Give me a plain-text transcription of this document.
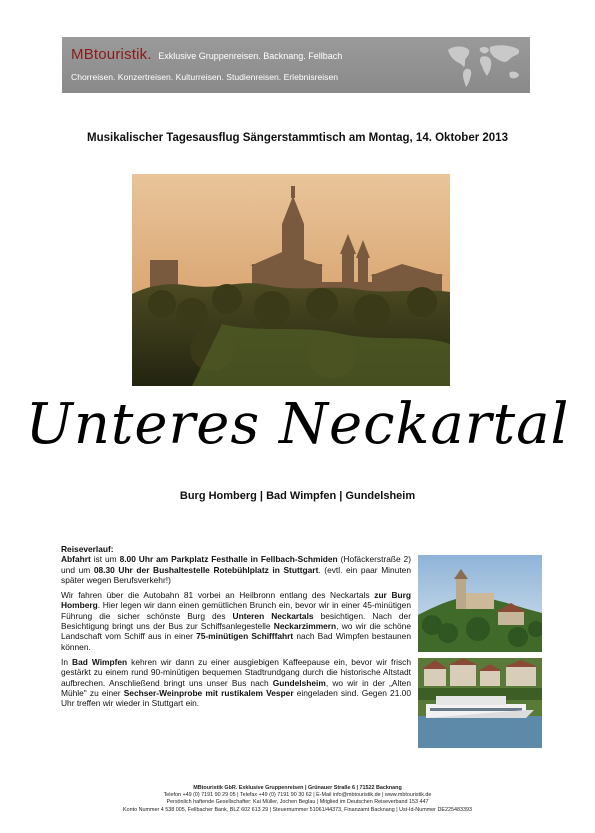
MBtouristik. Exklusive Gruppenreisen. Backnang. Fellbach
Chorreisen. Konzertreisen. Kulturreisen. Studienreisen. Erlebnisreisen
Musikalischer Tagesausflug Sängerstammtisch am Montag, 14. Oktober 2013
Unteres Neckartal
Burg Homberg | Bad Wimpfen | Gundelsheim

Reiseverlauf:

Abfahrt ist um 8.00 Uhr am Parkplatz Festhalle in Fellbach-Schmiden (Hofäckerstraße 2) und um 08.30 Uhr der Bushaltestelle Rotebühlplatz in Stuttgart. (evtl. ein paar Minuten später wegen Berufsverkehr!)

Wir fahren über die Autobahn 81 vorbei an Heilbronn entlang des Neckartals zur Burg Homberg. Hier legen wir dann einen gemütlichen Brunch ein, bevor wir in einer 45-minütigen Führung die sicher schönste Burg des Unteren Neckartals besichtigen. Nach der Besichtigung bringt uns der Bus zur Schiffsanlegestelle Neckarzimmern, wo wir die schöne Landschaft vom Schiff aus in einer 75-minütigen Schifffahrt nach Bad Wimpfen bestaunen können.

In Bad Wimpfen kehren wir dann zu einer ausgiebigen Kaffeepause ein, bevor wir frisch gestärkt zu einem rund 90-minütigen bequemen Stadtrundgang durch die historische Altstadt aufbrechen. Anschließend bringt uns unser Bus nach Gundelsheim, wo wir in der „Alten Mühle" zu einer Sechser-Weinprobe mit rustikalem Vesper eingeladen sind. Gegen 21.00 Uhr treffen wir wieder in Stuttgart ein.

MBtouristik GbR. Exklusive Gruppenreisen | Grünauer Straße 6 | 71522 Backnang
Telefon +49 (0) 7191 90 29 05 | Telefax +49 (0) 7191 90 30 62 | E-Mail info@mbtouristik.de | www.mbtouristik.de
Persönlich haftende Gesellschafter: Kai Müller, Jochen Beglau | Mitglied im Deutschen Reiseverband 153 447
Konto Nummer 4 538 005, Fellbacher Bank, BLZ 602 613 29 | Steuernummer 51061/44373, Finanzamt Backnang | Ust-Id-Nummer DE225483393
